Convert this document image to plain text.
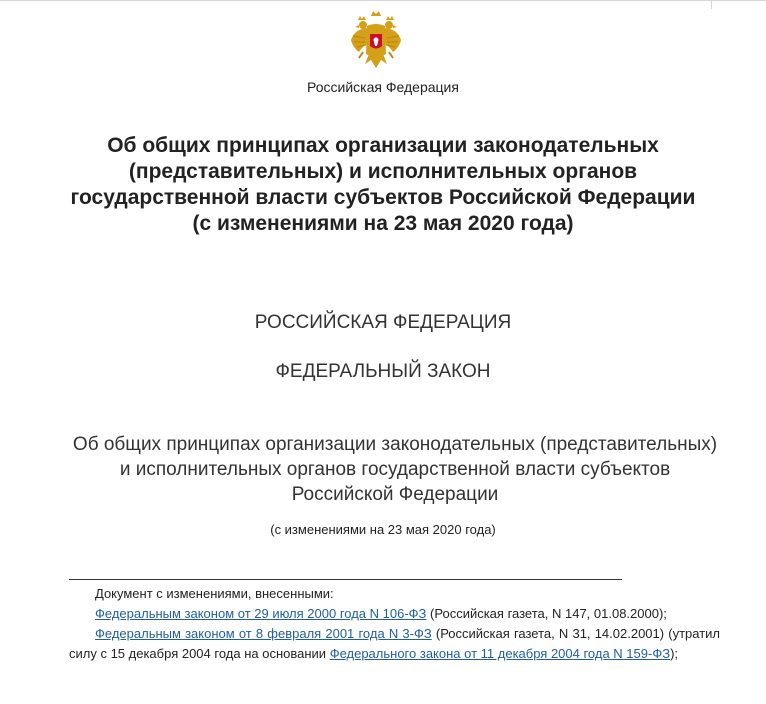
Российская Федерация
Об общих принципах организации законодательных (представительных) и исполнительных органов государственной власти субъектов Российской Федерации (с изменениями на 23 мая 2020 года)
РОССИЙСКАЯ ФЕДЕРАЦИЯ
ФЕДЕРАЛЬНЫЙ ЗАКОН
Об общих принципах организации законодательных (представительных) и исполнительных органов государственной власти субъектов Российской Федерации
(с изменениями на 23 мая 2020 года)

Документ с изменениями, внесенными:

Федеральным законом от 29 июля 2000 года N 106-ФЗ (Российская газета, N 147, 01.08.2000);

Федеральным законом от 8 февраля 2001 года N 3-ФЗ (Российская газета, N 31, 14.02.2001) (утратил силу с 15 декабря 2004 года на основании Федерального закона от 11 декабря 2004 года N 159-ФЗ);
